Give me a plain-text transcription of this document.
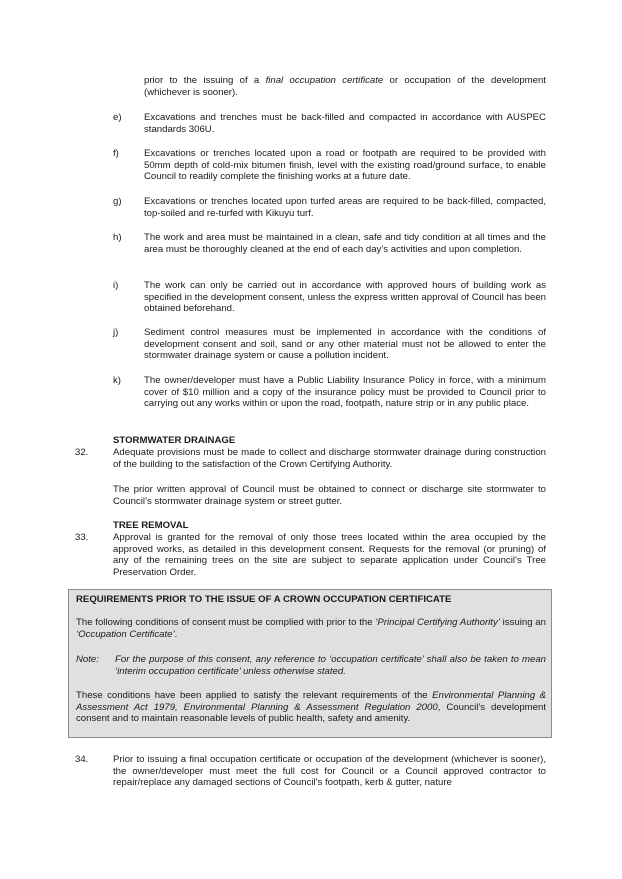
prior to the issuing of a final occupation certificate or occupation of the development (whichever is sooner).
e) Excavations and trenches must be back-filled and compacted in accordance with AUSPEC standards 306U.
f)	Excavations or trenches located upon a road or footpath are required to be provided with 50mm depth of cold-mix bitumen finish, level with the existing road/ground surface, to enable Council to readily complete the finishing works at a future date.
g) Excavations or trenches located upon turfed areas are required to be back-filled, compacted, top-soiled and re-turfed with Kikuyu turf.
h) The work and area must be maintained in a clean, safe and tidy condition at all times and the area must be thoroughly cleaned at the end of each day’s activities and upon completion.
i)	The work can only be carried out in accordance with approved hours of building work as specified in the development consent, unless the express written approval of Council has been obtained beforehand.
j)	Sediment control measures must be implemented in accordance with the conditions of development consent and soil, sand or any other material must not be allowed to enter the stormwater drainage system or cause a pollution incident.
k) The owner/developer must have a Public Liability Insurance Policy in force, with a minimum cover of $10 million and a copy of the insurance policy must be provided to Council prior to carrying out any works within or upon the road, footpath, nature strip or in any public place.
STORMWATER DRAINAGE
32.	Adequate provisions must be made to collect and discharge stormwater drainage during construction of the building to the satisfaction of the Crown Certifying Authority.
The prior written approval of Council must be obtained to connect or discharge site stormwater to Council’s stormwater drainage system or street gutter.
TREE REMOVAL
33.	Approval is granted for the removal of only those trees located within the area occupied by the approved works, as detailed in this development consent. Requests for the removal (or pruning) of any of the remaining trees on the site are subject to separate application under Council’s Tree Preservation Order.
REQUIREMENTS PRIOR TO THE ISSUE OF A CROWN OCCUPATION CERTIFICATE
The following conditions of consent must be complied with prior to the ‘Principal Certifying Authority’ issuing an ‘Occupation Certificate’.
Note: For the purpose of this consent, any reference to ‘occupation certificate’ shall also be taken to mean ‘interim occupation certificate’ unless otherwise stated.
These conditions have been applied to satisfy the relevant requirements of the Environmental Planning & Assessment Act 1979, Environmental Planning & Assessment Regulation 2000, Council’s development consent and to maintain reasonable levels of public health, safety and amenity.
34.	Prior to issuing a final occupation certificate or occupation of the development (whichever is sooner), the owner/developer must meet the full cost for Council or a Council approved contractor to repair/replace any damaged sections of Council's footpath, kerb & gutter, nature
